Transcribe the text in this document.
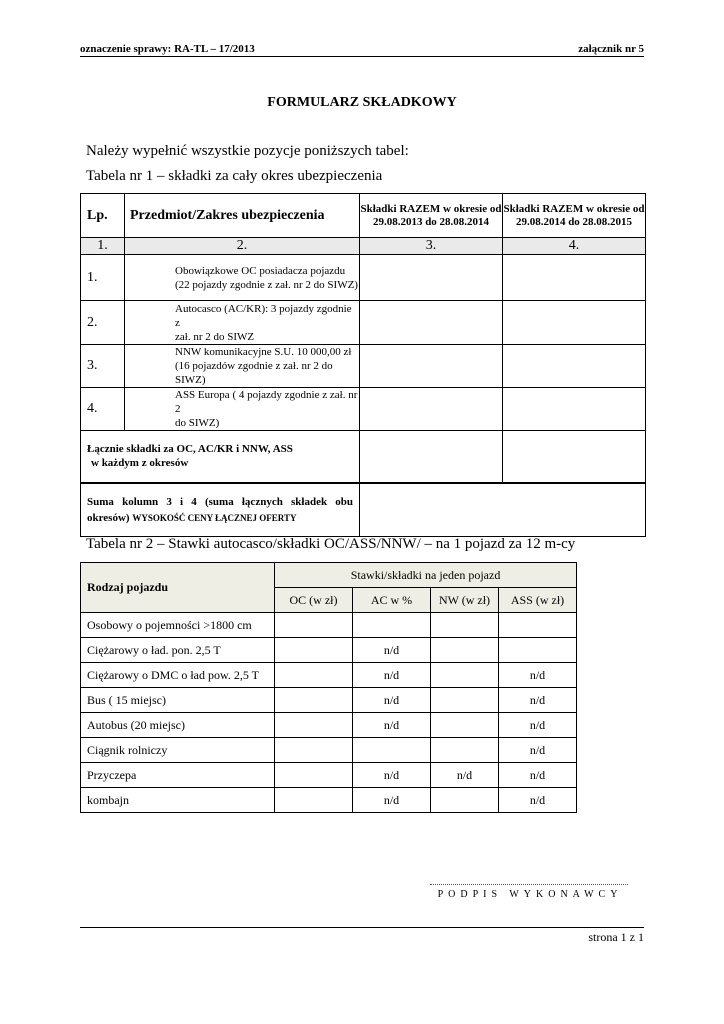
oznaczenie sprawy: RA-TL – 17/2013	załącznik nr 5
FORMULARZ SKŁADKOWY
Należy wypełnić wszystkie pozycje poniższych tabel:
Tabela nr 1 – składki za cały okres ubezpieczenia
Lp.	Przedmiot/Zakres ubezpieczenia	Składki RAZEM w okresie od 29.08.2013 do 28.08.2014	Składki RAZEM w okresie od 29.08.2014 do 28.08.2015
1.	2.	3.	4.
1.	Obowiązkowe OC posiadacza pojazdu
(22 pojazdy zgodnie z zał. nr 2 do SIWZ)		

2.	Autocasco (AC/KR): 3 pojazdy zgodnie z
zał. nr 2 do SIWZ		

3.	NNW komunikacyjne S.U. 10 000,00 zł
(16 pojazdów zgodnie z zał. nr 2 do SIWZ)		

4.	ASS Europa ( 4 pojazdy zgodnie z zał. nr 2
do SIWZ)		

Łącznie składki za OC, AC/KR i NNW, ASS
w każdym z okresów			

Suma kolumn 3 i 4 (suma łącznych składek obu okresów) WYSOKOŚĆ CENY ŁĄCZNEJ OFERTY			
Tabela nr 2 – Stawki autocasco/składki OC/ASS/NNW/ – na 1 pojazd za 12 m-cy
Rodzaj pojazdu	Stawki/składki na jeden pojazd			
	OC (w zł)	AC w %	NW (w zł)	ASS (w zł)
Osobowy o pojemności >1800 cm				
Ciężarowy o ład. pon. 2,5 T		n/d		
Ciężarowy o DMC o ład pow. 2,5 T		n/d		n/d
Bus ( 15 miejsc)		n/d		n/d
Autobus (20 miejsc)		n/d		n/d
Ciągnik rolniczy				n/d
Przyczepa		n/d	n/d	n/d
kombajn		n/d		n/d
PODPIS WYKONAWCY
strona 1 z 1
